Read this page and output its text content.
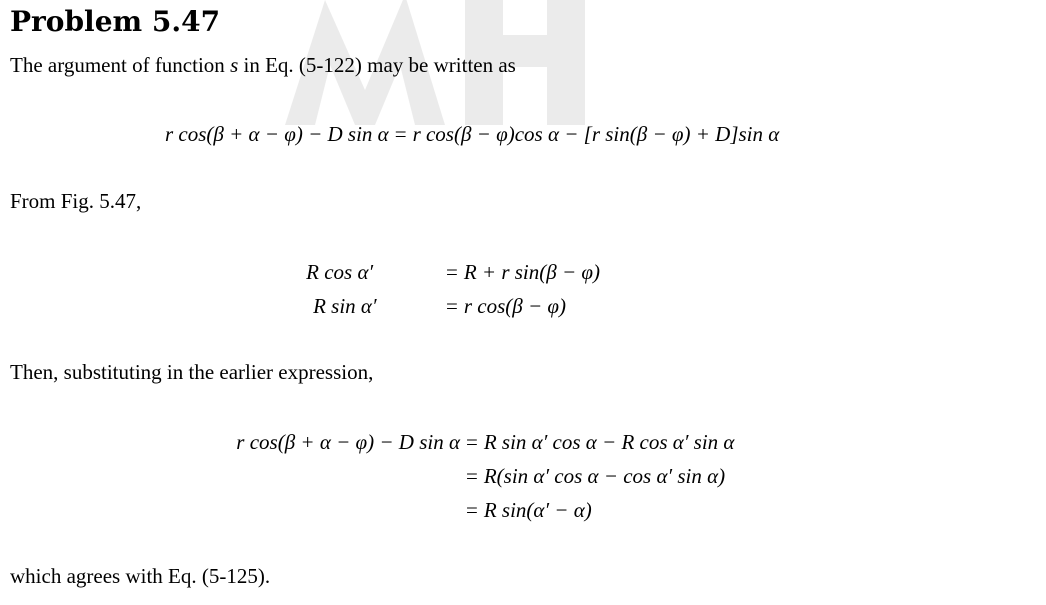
Problem 5.47
The argument of function s in Eq. (5-122) may be written as
r cos(β + α − φ) − D sin α = r cos(β − φ)cos α − [r sin(β − φ) + D]sin α
From Fig. 5.47,
R cos α′	= R + r sin(β − φ)
R sin α′	= r cos(β − φ)
Then, substituting in the earlier expression,
r cos(β + α − φ) − D sin α = R sin α′ cos α − R cos α′ sin α
= R(sin α′ cos α − cos α′ sin α)
= R sin(α′ − α)
which agrees with Eq. (5-125).
